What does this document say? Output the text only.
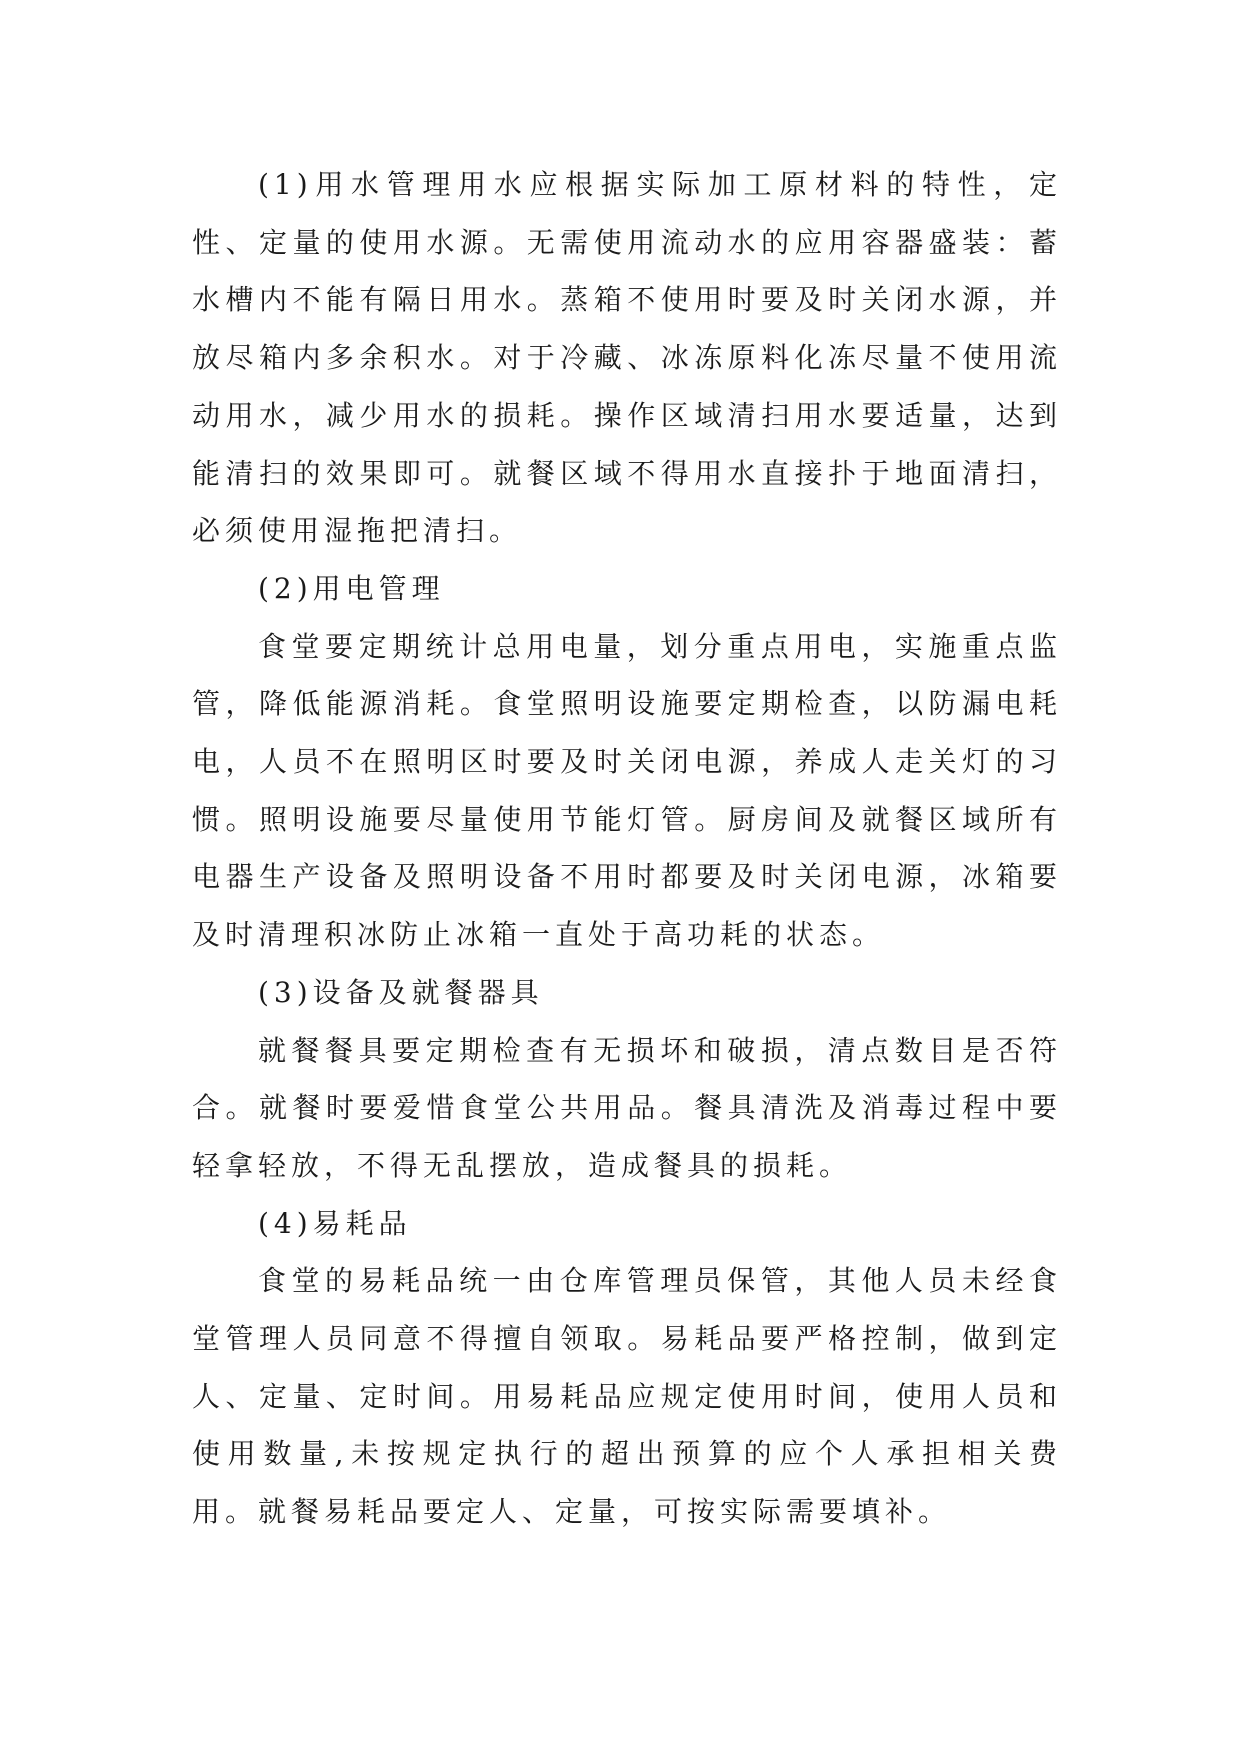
(1)用水管理用水应根据实际加工原材料的特性，定性、定量的使用水源。无需使用流动水的应用容器盛装：蓄水槽内不能有隔日用水。蒸箱不使用时要及时关闭水源，并放尽箱内多余积水。对于冷藏、冰冻原料化冻尽量不使用流动用水，减少用水的损耗。操作区域清扫用水要适量，达到能清扫的效果即可。就餐区域不得用水直接扑于地面清扫，必须使用湿拖把清扫。

(2)用电管理

食堂要定期统计总用电量，划分重点用电，实施重点监管，降低能源消耗。食堂照明设施要定期检查，以防漏电耗电，人员不在照明区时要及时关闭电源，养成人走关灯的习惯。照明设施要尽量使用节能灯管。厨房间及就餐区域所有电器生产设备及照明设备不用时都要及时关闭电源，冰箱要及时清理积冰防止冰箱一直处于高功耗的状态。

(3)设备及就餐器具

就餐餐具要定期检查有无损坏和破损，清点数目是否符合。就餐时要爱惜食堂公共用品。餐具清洗及消毒过程中要轻拿轻放，不得无乱摆放，造成餐具的损耗。

(4)易耗品

食堂的易耗品统一由仓库管理员保管，其他人员未经食堂管理人员同意不得擅自领取。易耗品要严格控制，做到定人、定量、定时间。用易耗品应规定使用时间，使用人员和使用数量,未按规定执行的超出预算的应个人承担相关费用。就餐易耗品要定人、定量，可按实际需要填补。
